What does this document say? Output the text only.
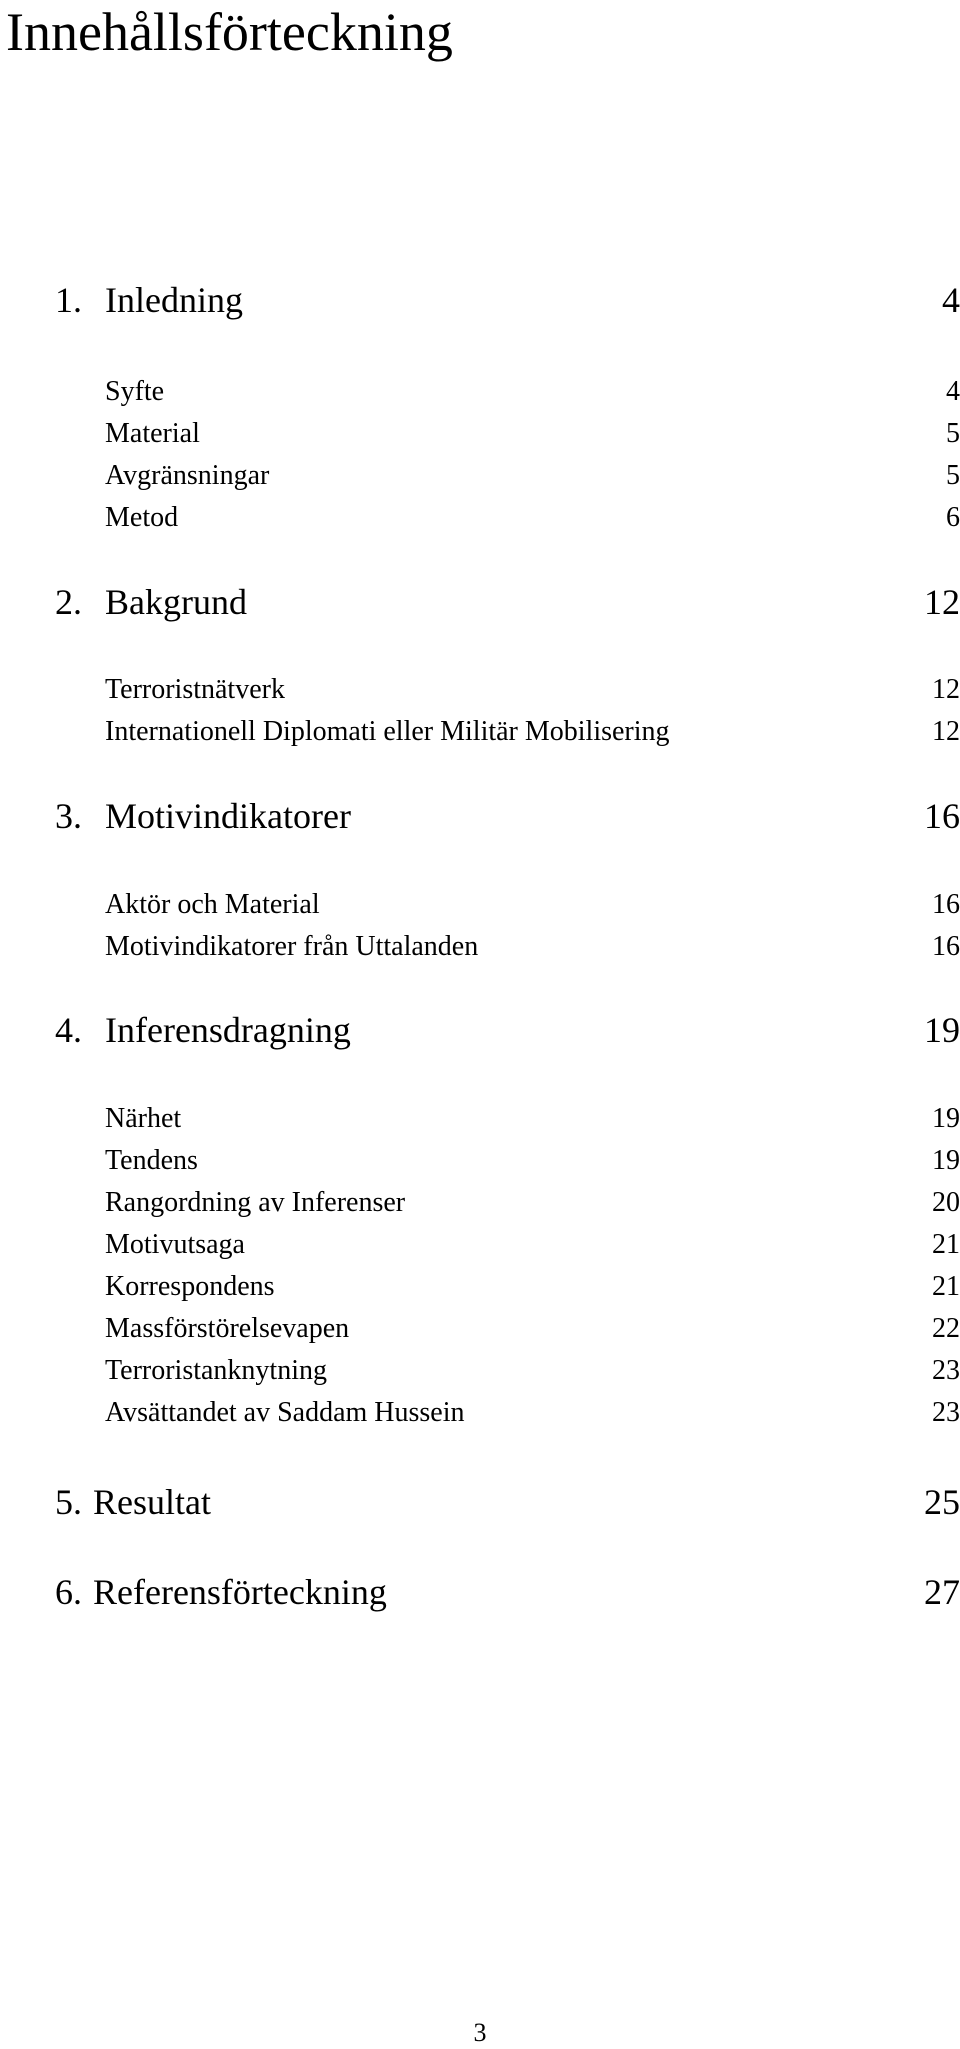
Innehållsförteckning
1. Inledning	4
Syfte	4
Material	5
Avgränsningar	5
Metod	6
2. Bakgrund	12
Terroristnätverk	12
Internationell Diplomati eller Militär Mobilisering	12
3. Motivindikatorer	16
Aktör och Material	16
Motivindikatorer från Uttalanden	16
4. Inferensdragning	19
Närhet	19
Tendens	19
Rangordning av Inferenser	20
Motivutsaga	21
Korrespondens	21
Massförstörelsevapen	22
Terroristanknytning	23
Avsättandet av Saddam Hussein	23
5. Resultat	25
6. Referensförteckning	27
3
